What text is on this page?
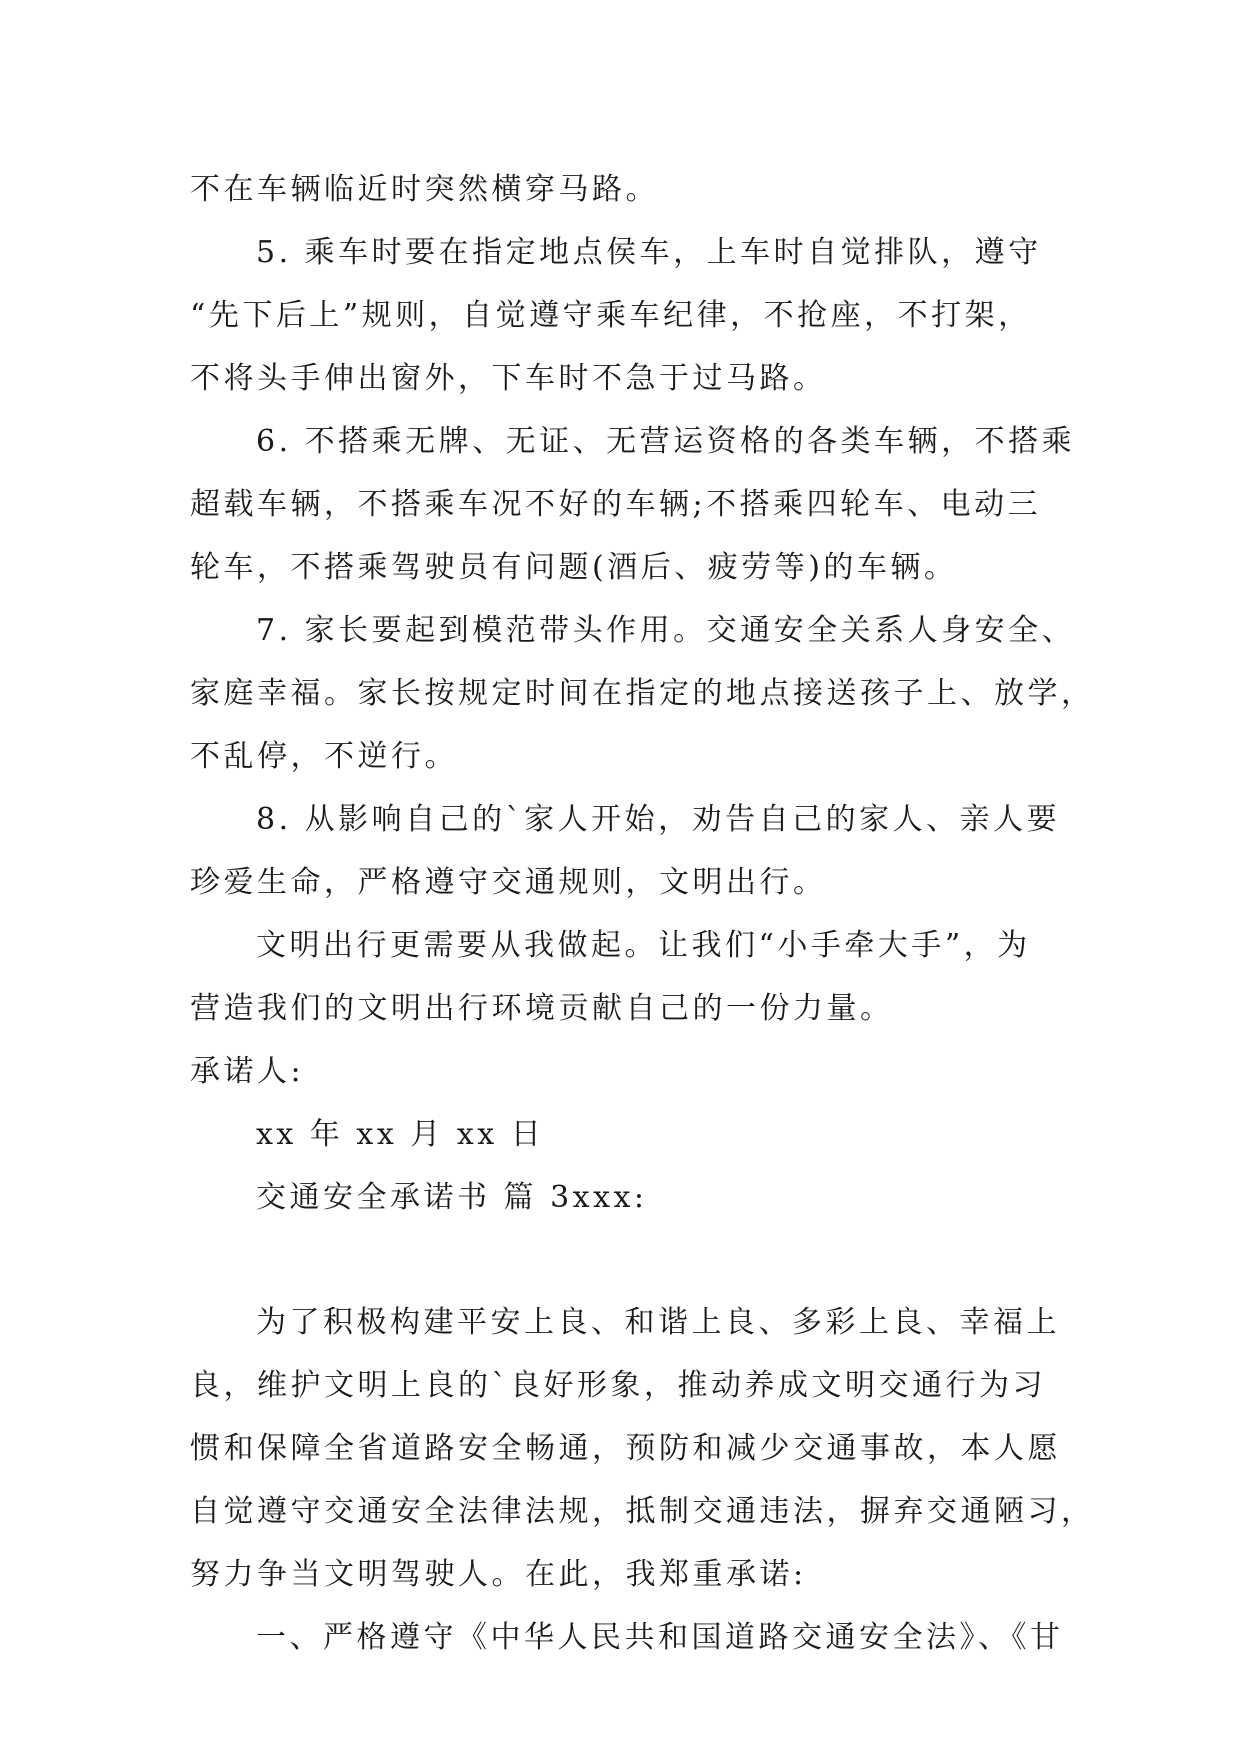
不在车辆临近时突然横穿马路。
5. 乘车时要在指定地点侯车，上车时自觉排队，遵守
“先下后上”规则，自觉遵守乘车纪律，不抢座，不打架，
不将头手伸出窗外，下车时不急于过马路。
6. 不搭乘无牌、无证、无营运资格的各类车辆，不搭乘
超载车辆，不搭乘车况不好的车辆;不搭乘四轮车、电动三
轮车，不搭乘驾驶员有问题(酒后、疲劳等)的车辆。
7. 家长要起到模范带头作用。交通安全关系人身安全、
家庭幸福。家长按规定时间在指定的地点接送孩子上、放学，
不乱停，不逆行。
8. 从影响自己的`家人开始，劝告自己的家人、亲人要
珍爱生命，严格遵守交通规则，文明出行。
文明出行更需要从我做起。让我们“小手牵大手”，为
营造我们的文明出行环境贡献自己的一份力量。
承诺人:
xx 年 xx 月 xx 日
交通安全承诺书 篇 3xxx:
为了积极构建平安上良、和谐上良、多彩上良、幸福上
良，维护文明上良的`良好形象，推动养成文明交通行为习
惯和保障全省道路安全畅通，预防和减少交通事故，本人愿
自觉遵守交通安全法律法规，抵制交通违法，摒弃交通陋习，
努力争当文明驾驶人。在此，我郑重承诺:
一、严格遵守《中华人民共和国道路交通安全法》、《甘
